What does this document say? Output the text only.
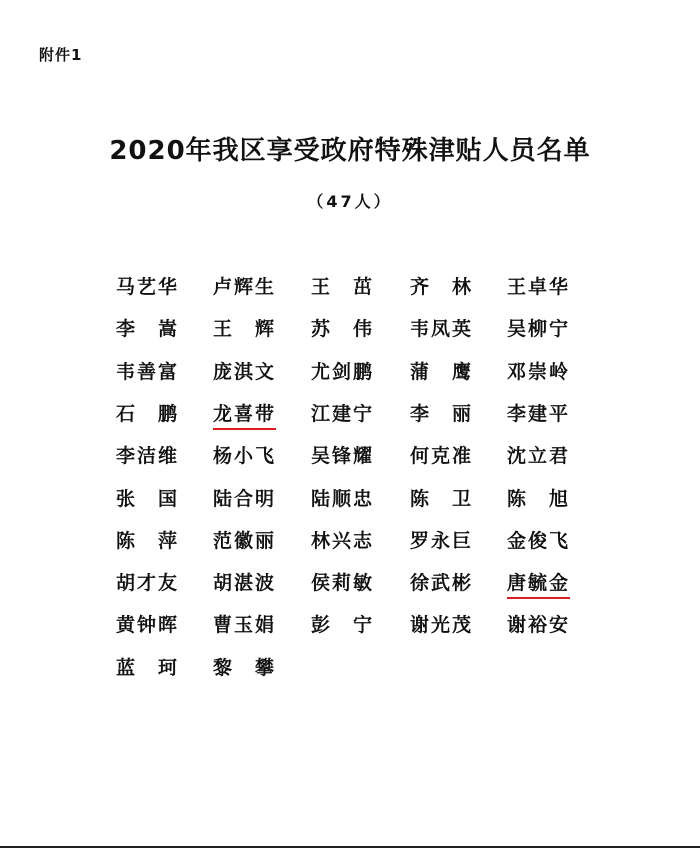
附件1
2020年我区享受政府特殊津贴人员名单
（47人）
马艺华 卢辉生 王　茁 齐　林 王卓华
李　嵩 王　辉 苏　伟 韦凤英 吴柳宁
韦善富 庞淇文 尤剑鹏 蒲　鹰 邓崇岭
石　鹏 龙喜带 江建宁 李　丽 李建平
李洁维 杨小飞 吴锋耀 何克准 沈立君
张　国 陆合明 陆顺忠 陈　卫 陈　旭
陈　萍 范徽丽 林兴志 罗永巨 金俊飞
胡才友 胡湛波 侯莉敏 徐武彬 唐毓金
黄钟晖 曹玉娟 彭　宁 谢光茂 谢裕安
蓝　珂 黎　攀
